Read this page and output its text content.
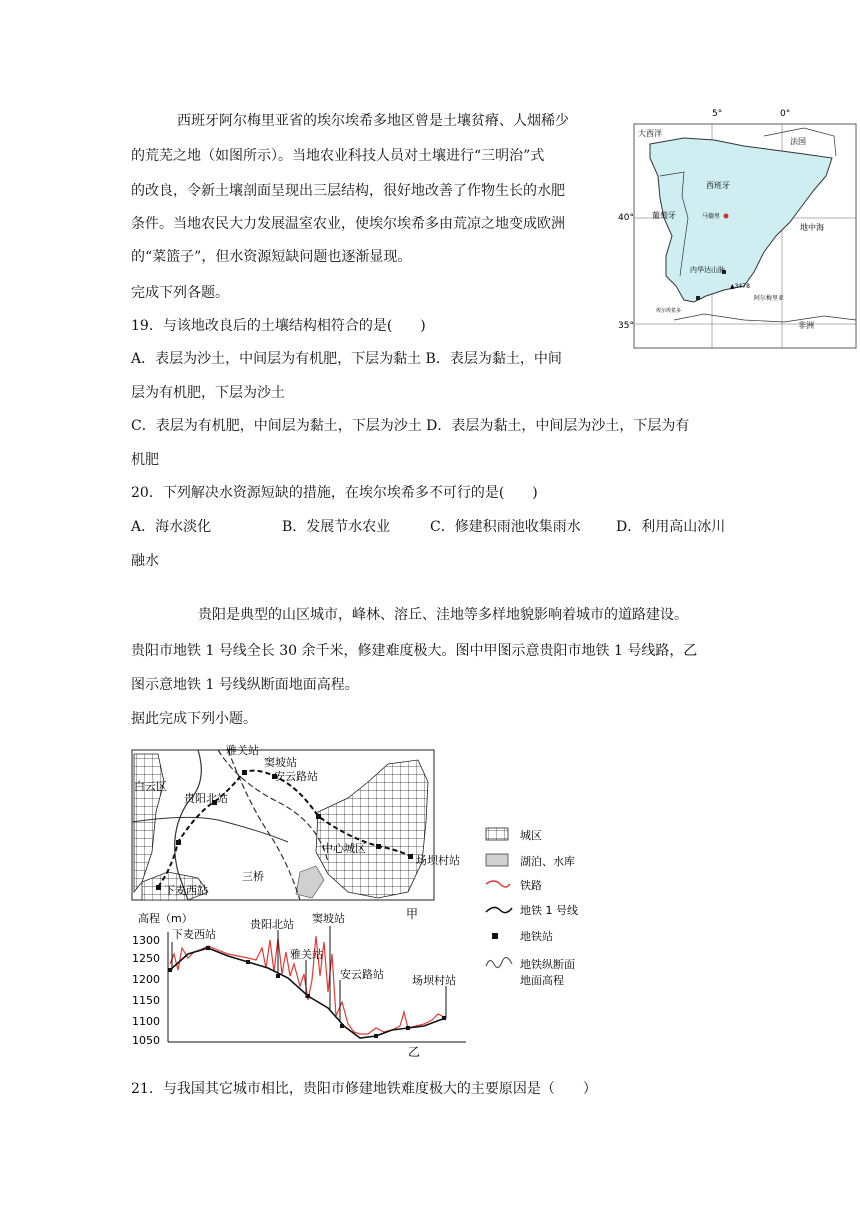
西班牙阿尔梅里亚省的埃尔埃希多地区曾是土壤贫瘠、人烟稀少
的荒芜之地（如图所示）。当地农业科技人员对土壤进行“三明治”式
的改良，令新土壤剖面呈现出三层结构，很好地改善了作物生长的水肥
条件。当地农民大力发展温室农业，使埃尔埃希多由荒凉之地变成欧洲
的“菜篮子”，但水资源短缺问题也逐渐显现。
完成下列各题。
5°	0°
40°
35°
大西洋
法国
西班牙
马德里
葡萄牙
地中海
内华达山脉
▲3478
阿尔梅里亚
埃尔埃希多
非洲
19．与该地改良后的土壤结构相符合的是(　　)
A．表层为沙土，中间层为有机肥，下层为黏土 B．表层为黏土，中间
层为有机肥，下层为沙土
C．表层为有机肥，中间层为黏土，下层为沙土 D．表层为黏土，中间层为沙土，下层为有
机肥
20．下列解决水资源短缺的措施，在埃尔埃希多不可行的是(　　)
A．海水淡化	B．发展节水农业	C．修建积雨池收集雨水	D．利用高山冰川
融水
贵阳是典型的山区城市，峰林、溶丘、洼地等多样地貌影响着城市的道路建设。
贵阳市地铁 1 号线全长 30 余千米，修建难度极大。图中甲图示意贵阳市地铁 1 号线路，乙
图示意地铁 1 号线纵断面地面高程。
据此完成下列小题。
白云区
雅关站
窦坡站
安云路站
贵阳北站
中心城区
场坝村站
三桥
下麦西站
甲
城区
湖泊、水库
铁路
地铁 1 号线
地铁站
地铁纵断面
地面高程
高程（m）
1300
1250
1200
1150
1100
1050
下麦西站
贵阳北站 窦坡站
雅关站
安云路站	场坝村站
乙
21．与我国其它城市相比，贵阳市修建地铁难度极大的主要原因是（　　）
